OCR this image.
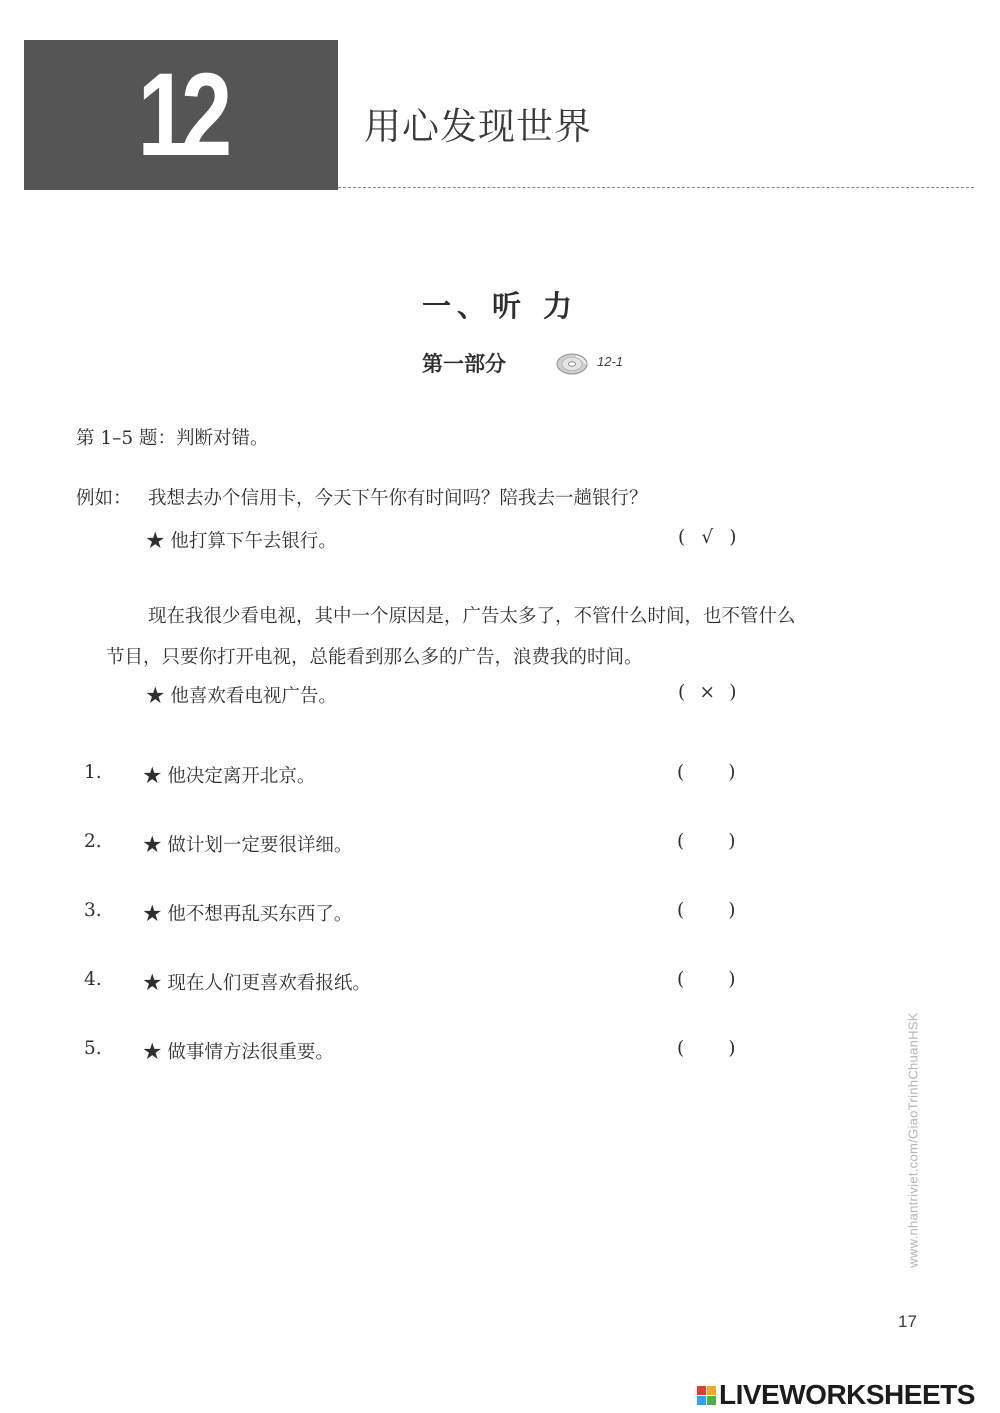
12	用心发现世界
一、听 力
第一部分	12-1
第 1–5 题：判断对错。
例如： 我想去办个信用卡，今天下午你有时间吗？陪我去一趟银行？
★ 他打算下午去银行。	( √ )
现在我很少看电视，其中一个原因是，广告太多了，不管什么时间，也不管什么
节目，只要你打开电视，总能看到那么多的广告，浪费我的时间。
★ 他喜欢看电视广告。	( × )
1. ★ 他决定离开北京。	( )
2. ★ 做计划一定要很详细。	( )
3. ★ 他不想再乱买东西了。	( )
4. ★ 现在人们更喜欢看报纸。	( )
5. ★ 做事情方法很重要。	( )	www.nhantriviet.com/GiaoTrinhChuanHSK
17
LIVEWORKSHEETS
